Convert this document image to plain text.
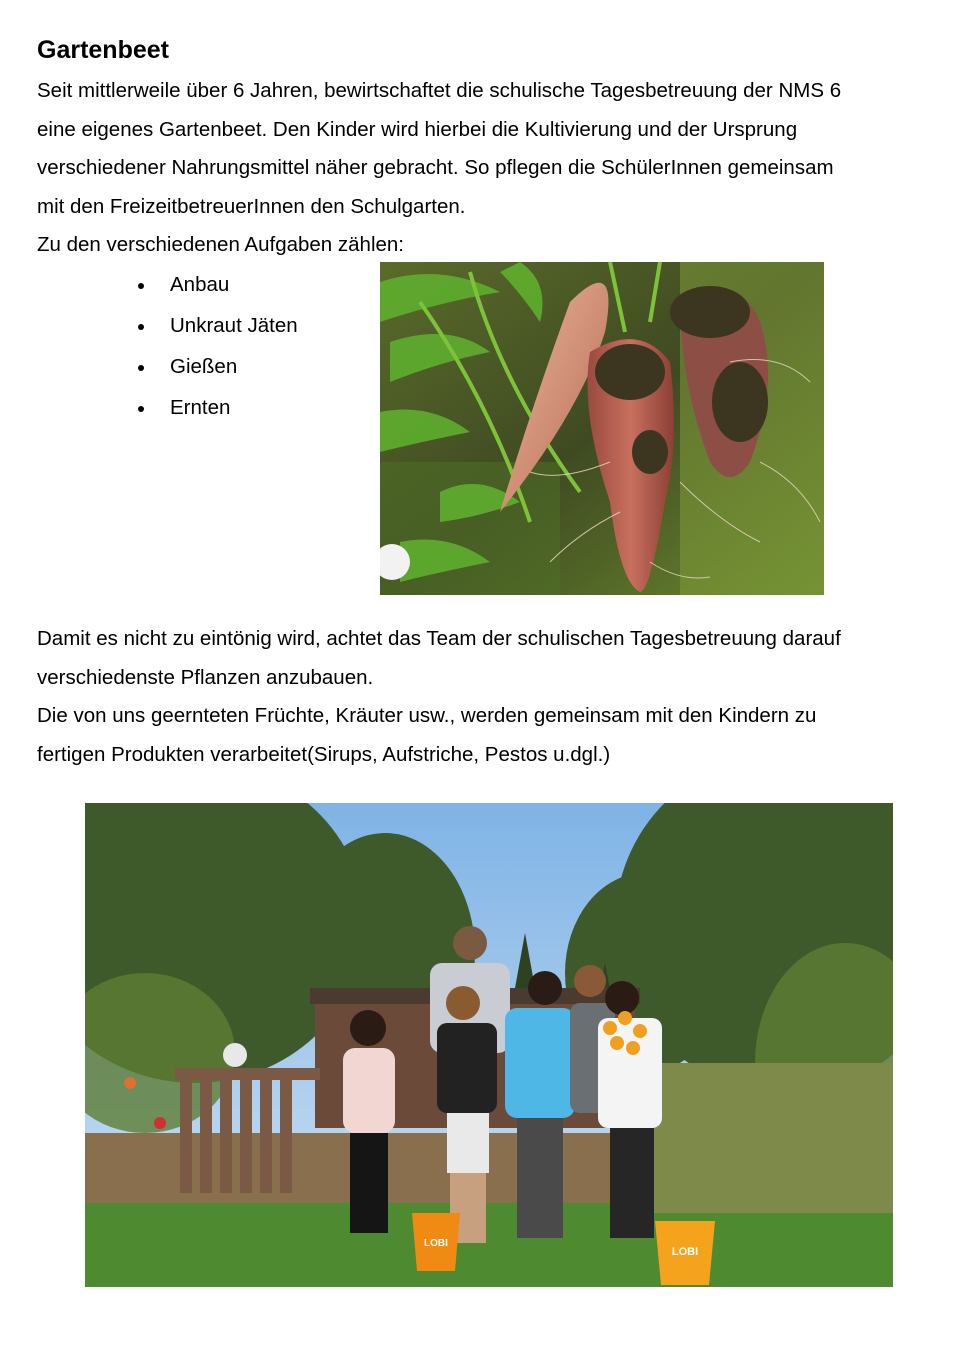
Gartenbeet
Seit mittlerweile über 6 Jahren, bewirtschaftet die schulische Tagesbetreuung der NMS 6
eine eigenes Gartenbeet. Den Kinder wird hierbei die Kultivierung und der Ursprung
verschiedener Nahrungsmittel näher gebracht. So pflegen die SchülerInnen gemeinsam
mit den FreizeitbetreuerInnen den Schulgarten.
Zu den verschiedenen Aufgaben zählen:
Anbau
Unkraut Jäten
Gießen
Ernten
Damit es nicht zu eintönig wird, achtet das Team der schulischen Tagesbetreuung darauf
verschiedenste Pflanzen anzubauen.
Die von uns geernteten Früchte, Kräuter usw., werden gemeinsam mit den Kindern zu
fertigen Produkten verarbeitet(Sirups, Aufstriche, Pestos u.dgl.)
LOBI
LOBI
